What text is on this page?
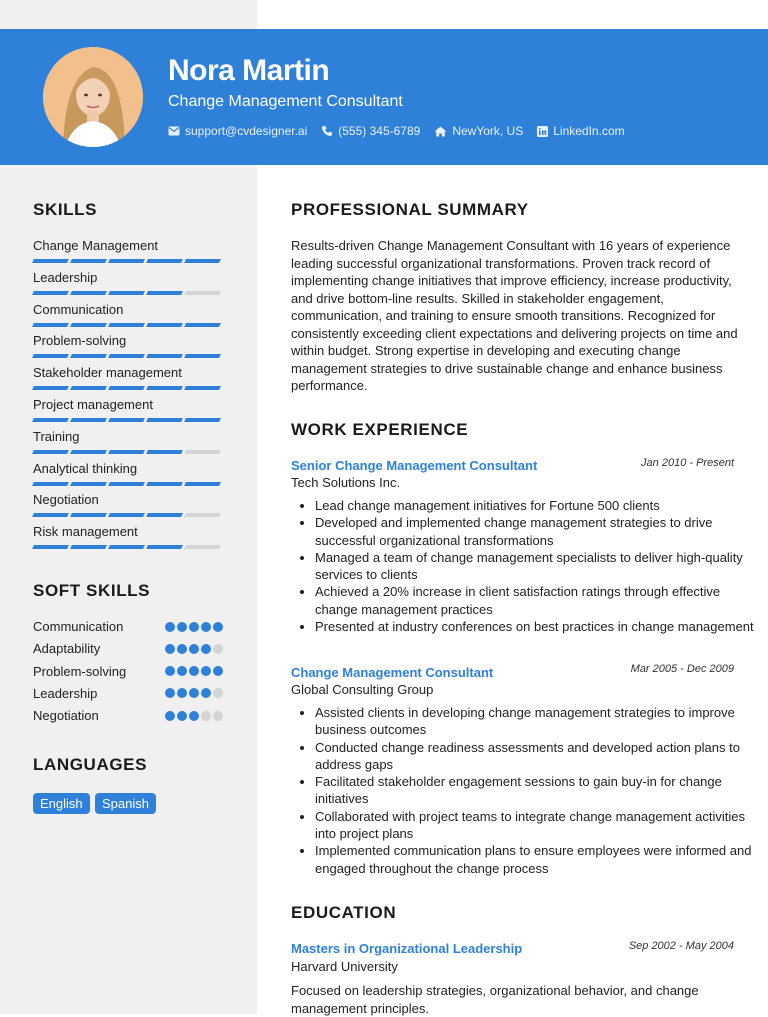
Nora Martin
Change Management Consultant
support@cvdesigner.ai	(555) 345-6789	NewYork, US	LinkedIn.com
SKILLS
Change Management
Leadership
Communication
Problem-solving
Stakeholder management
Project management
Training
Analytical thinking
Negotiation
Risk management
SOFT SKILLS
Communication
Adaptability
Problem-solving
Leadership
Negotiation
LANGUAGES
English	Spanish
PROFESSIONAL SUMMARY
Results-driven Change Management Consultant with 16 years of experience leading successful organizational transformations. Proven track record of implementing change initiatives that improve efficiency, increase productivity, and drive bottom-line results. Skilled in stakeholder engagement, communication, and training to ensure smooth transitions. Recognized for consistently exceeding client expectations and delivering projects on time and within budget. Strong expertise in developing and executing change management strategies to drive sustainable change and enhance business performance.
WORK EXPERIENCE
Senior Change Management Consultant	Jan 2010 - Present
Tech Solutions Inc.
• Lead change management initiatives for Fortune 500 clients
• Developed and implemented change management strategies to drive successful organizational transformations
• Managed a team of change management specialists to deliver high-quality services to clients
• Achieved a 20% increase in client satisfaction ratings through effective change management practices
• Presented at industry conferences on best practices in change management
Change Management Consultant	Mar 2005 - Dec 2009
Global Consulting Group
• Assisted clients in developing change management strategies to improve business outcomes
• Conducted change readiness assessments and developed action plans to address gaps
• Facilitated stakeholder engagement sessions to gain buy-in for change initiatives
• Collaborated with project teams to integrate change management activities into project plans
• Implemented communication plans to ensure employees were informed and engaged throughout the change process
EDUCATION
Masters in Organizational Leadership	Sep 2002 - May 2004
Harvard University
Focused on leadership strategies, organizational behavior, and change management principles.
